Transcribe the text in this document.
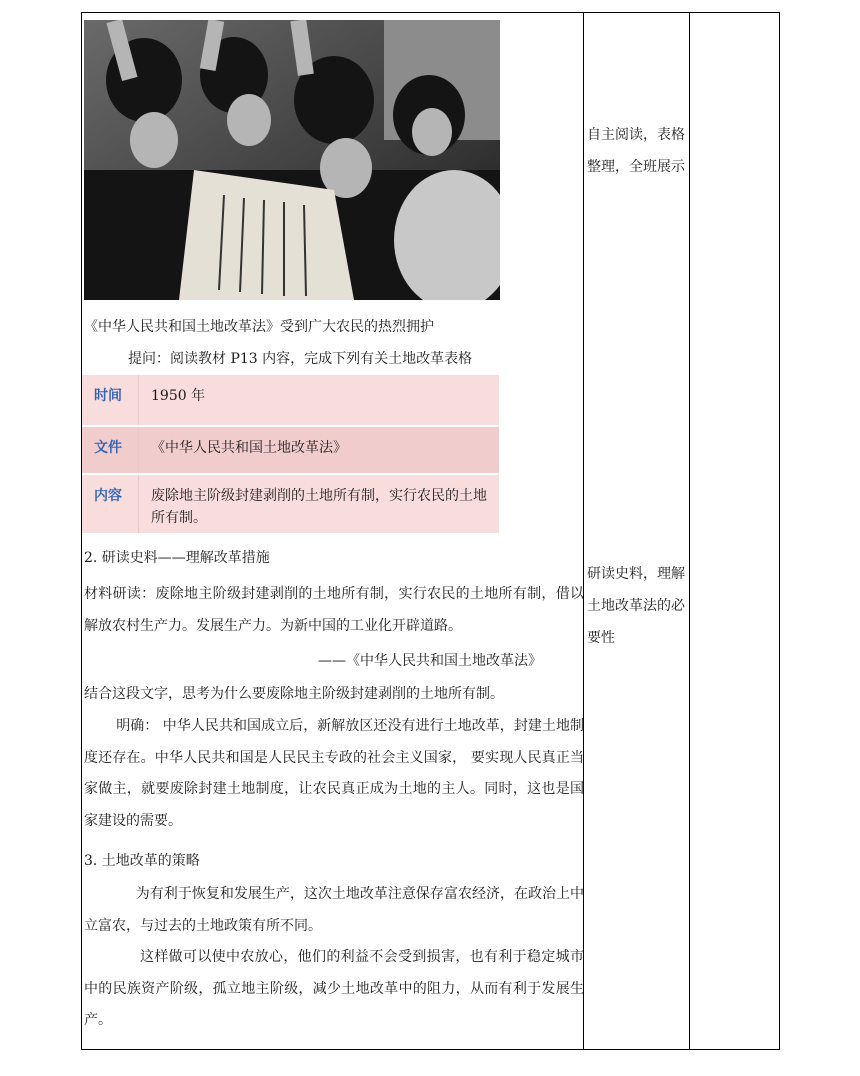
《中华人民共和国土地改革法》受到广大农民的热烈拥护
提问：阅读教材 P13 内容，完成下列有关土地改革表格
时间	1950 年
文件	《中华人民共和国土地改革法》
内容	废除地主阶级封建剥削的土地所有制，实行农民的土地所有制。
2. 研读史料——理解改革措施
材料研读：废除地主阶级封建剥削的土地所有制，实行农民的土地所有制，借以解放农村生产力。发展生产力。为新中国的工业化开辟道路。
——《中华人民共和国土地改革法》
结合这段文字，思考为什么要废除地主阶级封建剥削的土地所有制。
明确： 中华人民共和国成立后，新解放区还没有进行土地改革，封建土地制度还存在。中华人民共和国是人民民主专政的社会主义国家， 要实现人民真正当家做主，就要废除封建土地制度，让农民真正成为土地的主人。同时，这也是国家建设的需要。
3. 土地改革的策略
为有利于恢复和发展生产，这次土地改革注意保存富农经济，在政治上中立富农，与过去的土地政策有所不同。
这样做可以使中农放心，他们的利益不会受到损害，也有利于稳定城市中的民族资产阶级，孤立地主阶级，减少土地改革中的阻力，从而有利于发展生产。
自主阅读，表格整理，全班展示
研读史料，理解土地改革法的必要性
